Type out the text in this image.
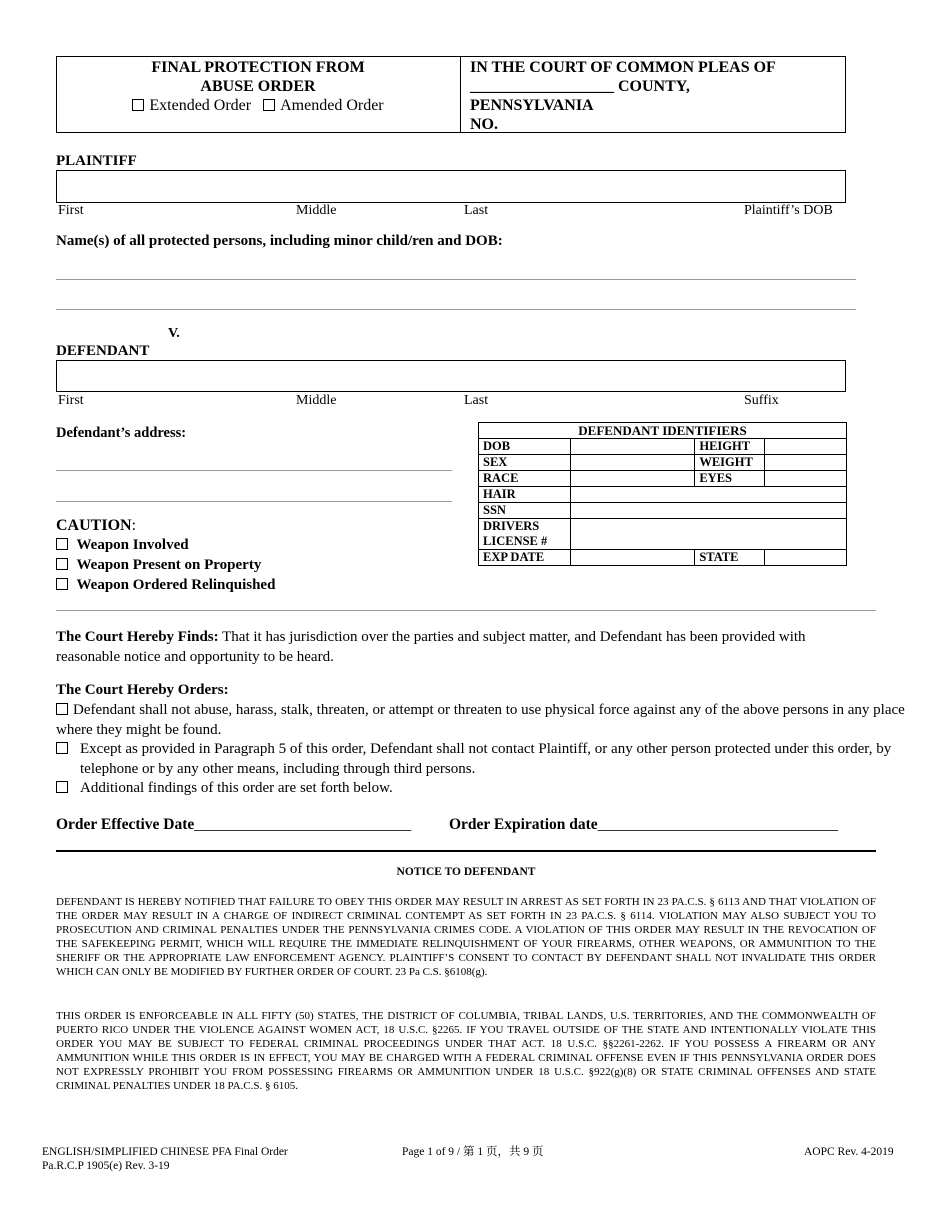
FINAL PROTECTION FROM
ABUSE ORDER
Extended Order Amended Order
IN THE COURT OF COMMON PLEAS OF
__________________ COUNTY,
PENNSYLVANIA
NO.
PLAINTIFF
First	Middle	Last	Plaintiff’s DOB
Name(s) of all protected persons, including minor child/ren and DOB:
V.
DEFENDANT
First	Middle	Last	Suffix
Defendant’s address:
CAUTION:
Weapon Involved
Weapon Present on Property
Weapon Ordered Relinquished
DEFENDANT IDENTIFIERS			
DOB		HEIGHT	
SEX		WEIGHT	
RACE		EYES	
HAIR			
SSN			
DRIVERS
LICENSE #			
EXP DATE		STATE	
The Court Hereby Finds: That it has jurisdiction over the parties and subject matter, and Defendant has been provided with reasonable notice and opportunity to be heard.
The Court Hereby Orders:
Defendant shall not abuse, harass, stalk, threaten, or attempt or threaten to use physical force against any of the above persons in any place where they might be found.
Except as provided in Paragraph 5 of this order, Defendant shall not contact Plaintiff, or any other person protected under this order, by telephone or by any other means, including through third persons.
Additional findings of this order are set forth below.
Order Effective Date____________________________ Order Expiration date_______________________________
NOTICE TO DEFENDANT
DEFENDANT IS HEREBY NOTIFIED THAT FAILURE TO OBEY THIS ORDER MAY RESULT IN ARREST AS SET FORTH IN 23 PA.C.S. § 6113 AND THAT VIOLATION OF THE ORDER MAY RESULT IN A CHARGE OF INDIRECT CRIMINAL CONTEMPT AS SET FORTH IN 23 PA.C.S. § 6114. VIOLATION MAY ALSO SUBJECT YOU TO PROSECUTION AND CRIMINAL PENALTIES UNDER THE PENNSYLVANIA CRIMES CODE. A VIOLATION OF THIS ORDER MAY RESULT IN THE REVOCATION OF THE SAFEKEEPING PERMIT, WHICH WILL REQUIRE THE IMMEDIATE RELINQUISHMENT OF YOUR FIREARMS, OTHER WEAPONS, OR AMMUNITION TO THE SHERIFF OR THE APPROPRIATE LAW ENFORCEMENT AGENCY. PLAINTIFF’S CONSENT TO CONTACT BY DEFENDANT SHALL NOT INVALIDATE THIS ORDER WHICH CAN ONLY BE MODIFIED BY FURTHER ORDER OF COURT. 23 Pa C.S. §6108(g).
THIS ORDER IS ENFORCEABLE IN ALL FIFTY (50) STATES, THE DISTRICT OF COLUMBIA, TRIBAL LANDS, U.S. TERRITORIES, AND THE COMMONWEALTH OF PUERTO RICO UNDER THE VIOLENCE AGAINST WOMEN ACT, 18 U.S.C. §2265. IF YOU TRAVEL OUTSIDE OF THE STATE AND INTENTIONALLY VIOLATE THIS ORDER YOU MAY BE SUBJECT TO FEDERAL CRIMINAL PROCEEDINGS UNDER THAT ACT. 18 U.S.C. §§2261-2262. IF YOU POSSESS A FIREARM OR ANY AMMUNITION WHILE THIS ORDER IS IN EFFECT, YOU MAY BE CHARGED WITH A FEDERAL CRIMINAL OFFENSE EVEN IF THIS PENNSYLVANIA ORDER DOES NOT EXPRESSLY PROHIBIT YOU FROM POSSESSING FIREARMS OR AMMUNITION UNDER 18 U.S.C. §922(g)(8) OR STATE CRIMINAL OFFENSES AND STATE CRIMINAL PENALTIES UNDER 18 PA.C.S. § 6105.
ENGLISH/SIMPLIFIED CHINESE PFA Final Order
Pa.R.C.P 1905(e) Rev. 3-19
Page 1 of 9 / 第 1 页，共 9 页	AOPC Rev. 4-2019
